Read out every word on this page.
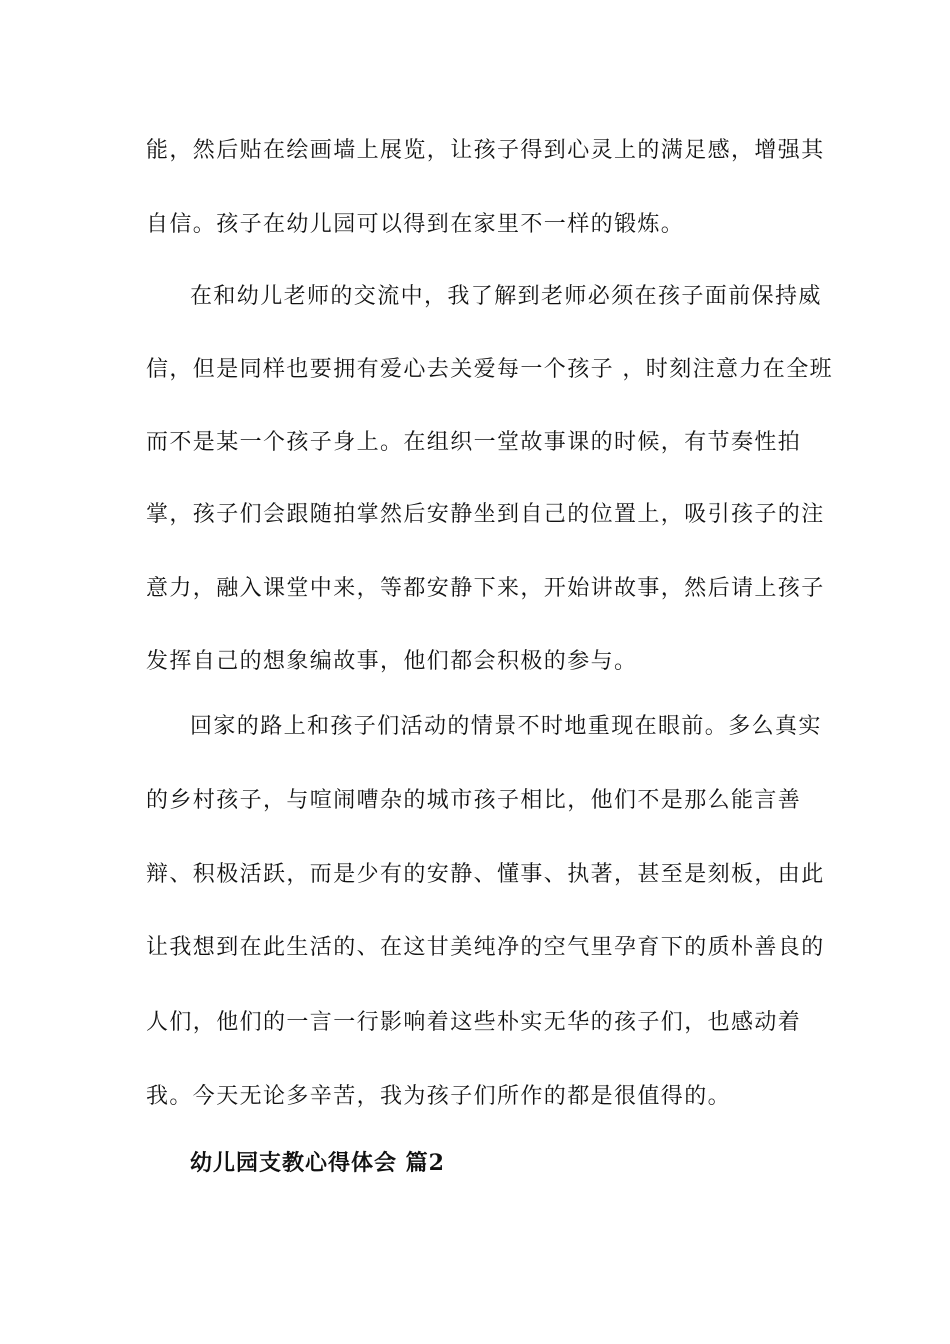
能，然后贴在绘画墙上展览，让孩子得到心灵上的满足感，增强其
自信。孩子在幼儿园可以得到在家里不一样的锻炼。
在和幼儿老师的交流中，我了解到老师必须在孩子面前保持威
信，但是同样也要拥有爱心去关爱每一个孩子 ，时刻注意力在全班
而不是某一个孩子身上。在组织一堂故事课的时候，有节奏性拍
掌，孩子们会跟随拍掌然后安静坐到自己的位置上，吸引孩子的注
意力，融入课堂中来，等都安静下来，开始讲故事，然后请上孩子
发挥自己的想象编故事，他们都会积极的参与。
回家的路上和孩子们活动的情景不时地重现在眼前。多么真实
的乡村孩子，与喧闹嘈杂的城市孩子相比，他们不是那么能言善
辩、积极活跃，而是少有的安静、懂事、执著，甚至是刻板，由此
让我想到在此生活的、在这甘美纯净的空气里孕育下的质朴善良的
人们，他们的一言一行影响着这些朴实无华的孩子们，也感动着
我。今天无论多辛苦，我为孩子们所作的都是很值得的。
幼儿园支教心得体会 篇2
